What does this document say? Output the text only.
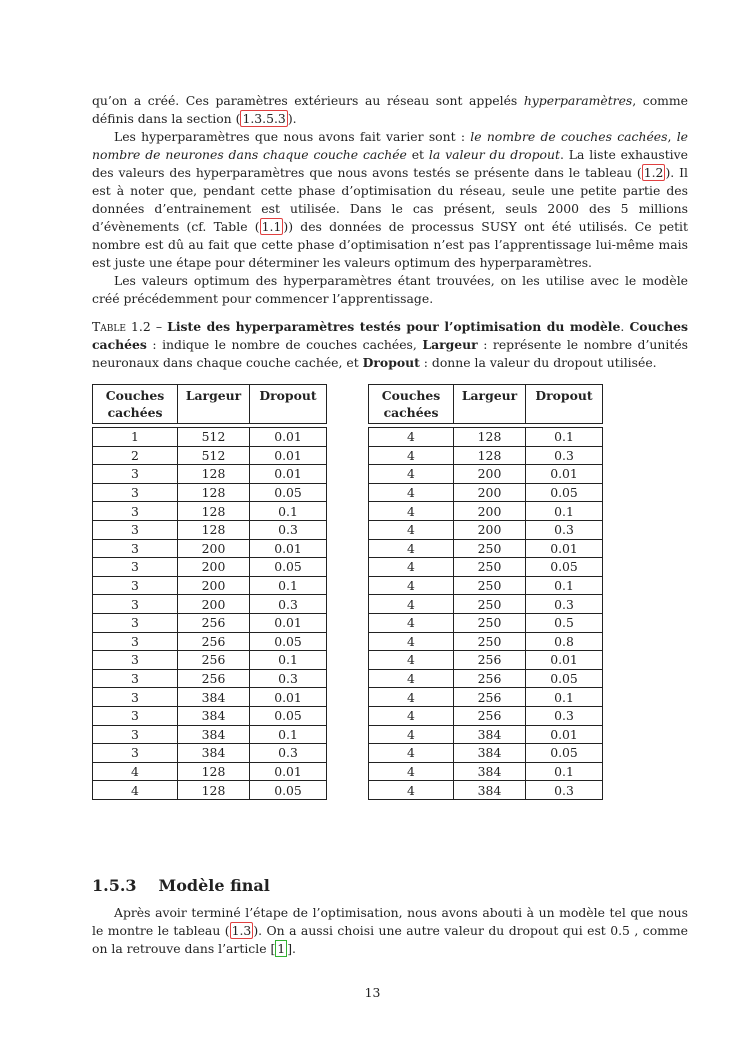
qu’on a créé. Ces paramètres extérieurs au réseau sont appelés hyperparamètres, comme définis dans la section ( 1.3.5.3 ).

Les hyperparamètres que nous avons fait varier sont : le nombre de couches cachées, le nombre de neurones dans chaque couche cachée et la valeur du dropout. La liste exhaustive des valeurs des hyperparamètres que nous avons testés se présente dans le tableau ( 1.2 ). Il est à noter que, pendant cette phase d’optimisation du réseau, seule une petite partie des données d’entrainement est utilisée. Dans le cas présent, seuls 2000 des 5 millions d’évènements (cf. Table ( 1.1 )) des données de processus SUSY ont été utilisés. Ce petit nombre est dû au fait que cette phase d’optimisation n’est pas l’apprentissage lui-même mais est juste une étape pour déterminer les valeurs optimum des hyperparamètres.

Les valeurs optimum des hyperparamètres étant trouvées, on les utilise avec le modèle créé précédemment pour commencer l’apprentissage.

Table 1.2 – Liste des hyperparamètres testés pour l’optimisation du modèle. Couches cachées : indique le nombre de couches cachées, Largeur : représente le nombre d’unités neuronaux dans chaque couche cachée, et Dropout : donne la valeur du dropout utilisée.

Couches cachées	Largeur	Dropout

1	512	0.01
2	512	0.01
3	128	0.01
3	128	0.05
3	128	0.1
3	128	0.3
3	200	0.01
3	200	0.05
3	200	0.1
3	200	0.3
3	256	0.01
3	256	0.05
3	256	0.1
3	256	0.3
3	384	0.01
3	384	0.05
3	384	0.1
3	384	0.3
4	128	0.01
4	128	0.05
Couches cachées	Largeur	Dropout

4	128	0.1
4	128	0.3
4	200	0.01
4	200	0.05
4	200	0.1
4	200	0.3
4	250	0.01
4	250	0.05
4	250	0.1
4	250	0.3
4	250	0.5
4	250	0.8
4	256	0.01
4	256	0.05
4	256	0.1
4	256	0.3
4	384	0.01
4	384	0.05
4	384	0.1
4	384	0.3
1.5.3 Modèle final

Après avoir terminé l’étape de l’optimisation, nous avons abouti à un modèle tel que nous le montre le tableau ( 1.3 ). On a aussi choisi une autre valeur du dropout qui est 0.5 , comme on la retrouve dans l’article [ 1 ].

13
